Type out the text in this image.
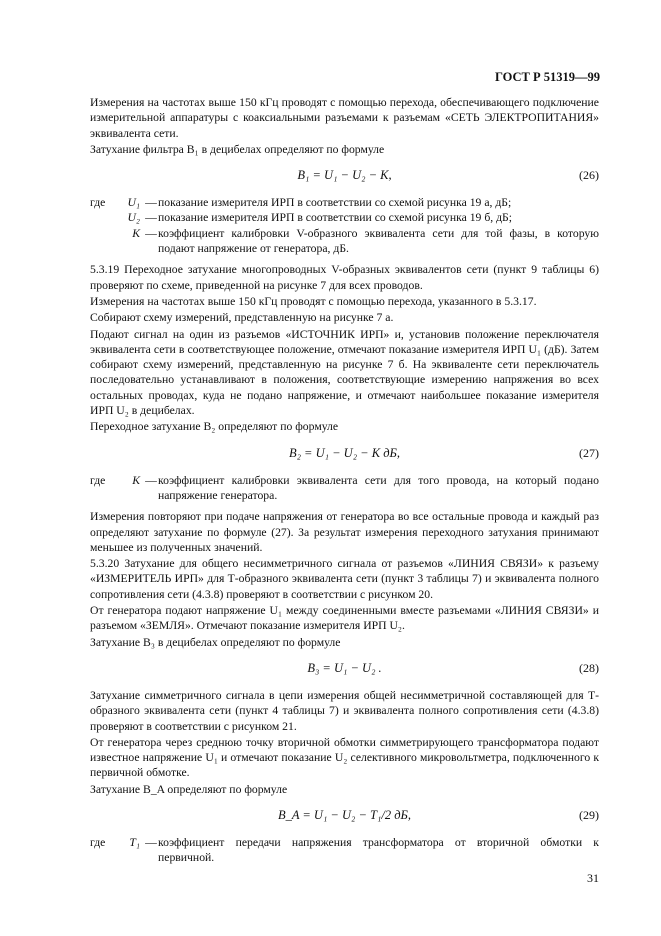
ГОСТ Р 51319—99

Измерения на частотах выше 150 кГц проводят с помощью перехода, обеспечивающего подключение измерительной аппаратуры с коаксиальными разъемами к разъемам «СЕТЬ ЭЛЕКТРОПИТАНИЯ» эквивалента сети.

Затухание фильтра B₁ в децибелах определяют по формуле

B₁ = U₁ − U₂ − K,	(26)
где	U₁ — показание измерителя ИРП в соответствии со схемой рисунка 19 а, дБ;
U₂ — показание измерителя ИРП в соответствии со схемой рисунка 19 б, дБ;
K — коэффициент калибровки V-образного эквивалента сети для той фазы, в которую подают напряжение от генератора, дБ.

5.3.19 Переходное затухание многопроводных V-образных эквивалентов сети (пункт 9 таблицы 6) проверяют по схеме, приведенной на рисунке 7 для всех проводов.

Измерения на частотах выше 150 кГц проводят с помощью перехода, указанного в 5.3.17.

Собирают схему измерений, представленную на рисунке 7 а.

Подают сигнал на один из разъемов «ИСТОЧНИК ИРП» и, установив положение переключателя эквивалента сети в соответствующее положение, отмечают показание измерителя ИРП U₁ (дБ). Затем собирают схему измерений, представленную на рисунке 7 б. На эквиваленте сети переключатель последовательно устанавливают в положения, соответствующие измерению напряжения во всех остальных проводах, куда не подано напряжение, и отмечают наибольшее показание измерителя ИРП U₂ в децибелах.

Переходное затухание B₂ определяют по формуле

B₂ = U₁ − U₂ − K дБ,	(27)
где	K — коэффициент калибровки эквивалента сети для того провода, на который подано напряжение генератора.

Измерения повторяют при подаче напряжения от генератора во все остальные провода и каждый раз определяют затухание по формуле (27). За результат измерения переходного затухания принимают меньшее из полученных значений.

5.3.20 Затухание для общего несимметричного сигнала от разъемов «ЛИНИЯ СВЯЗИ» к разъему «ИЗМЕРИТЕЛЬ ИРП» для Т-образного эквивалента сети (пункт 3 таблицы 7) и эквивалента полного сопротивления сети (4.3.8) проверяют в соответствии с рисунком 20.

От генератора подают напряжение U₁ между соединенными вместе разъемами «ЛИНИЯ СВЯЗИ» и разъемом «ЗЕМЛЯ». Отмечают показание измерителя ИРП U₂.

Затухание B₃ в децибелах определяют по формуле

B₃ = U₁ − U₂ .	(28)

Затухание симметричного сигнала в цепи измерения общей несимметричной составляющей для Т-образного эквивалента сети (пункт 4 таблицы 7) и эквивалента полного сопротивления сети (4.3.8) проверяют в соответствии с рисунком 21.

От генератора через среднюю точку вторичной обмотки симметрирующего трансформатора подают известное напряжение U₁ и отмечают показание U₂ селективного микровольтметра, подключенного к первичной обмотке.

Затухание B_A определяют по формуле

B_A = U₁ − U₂ − T₁/2 дБ,	(29)
где	T₁ — коэффициент передачи напряжения трансформатора от вторичной обмотки к первичной.
31
